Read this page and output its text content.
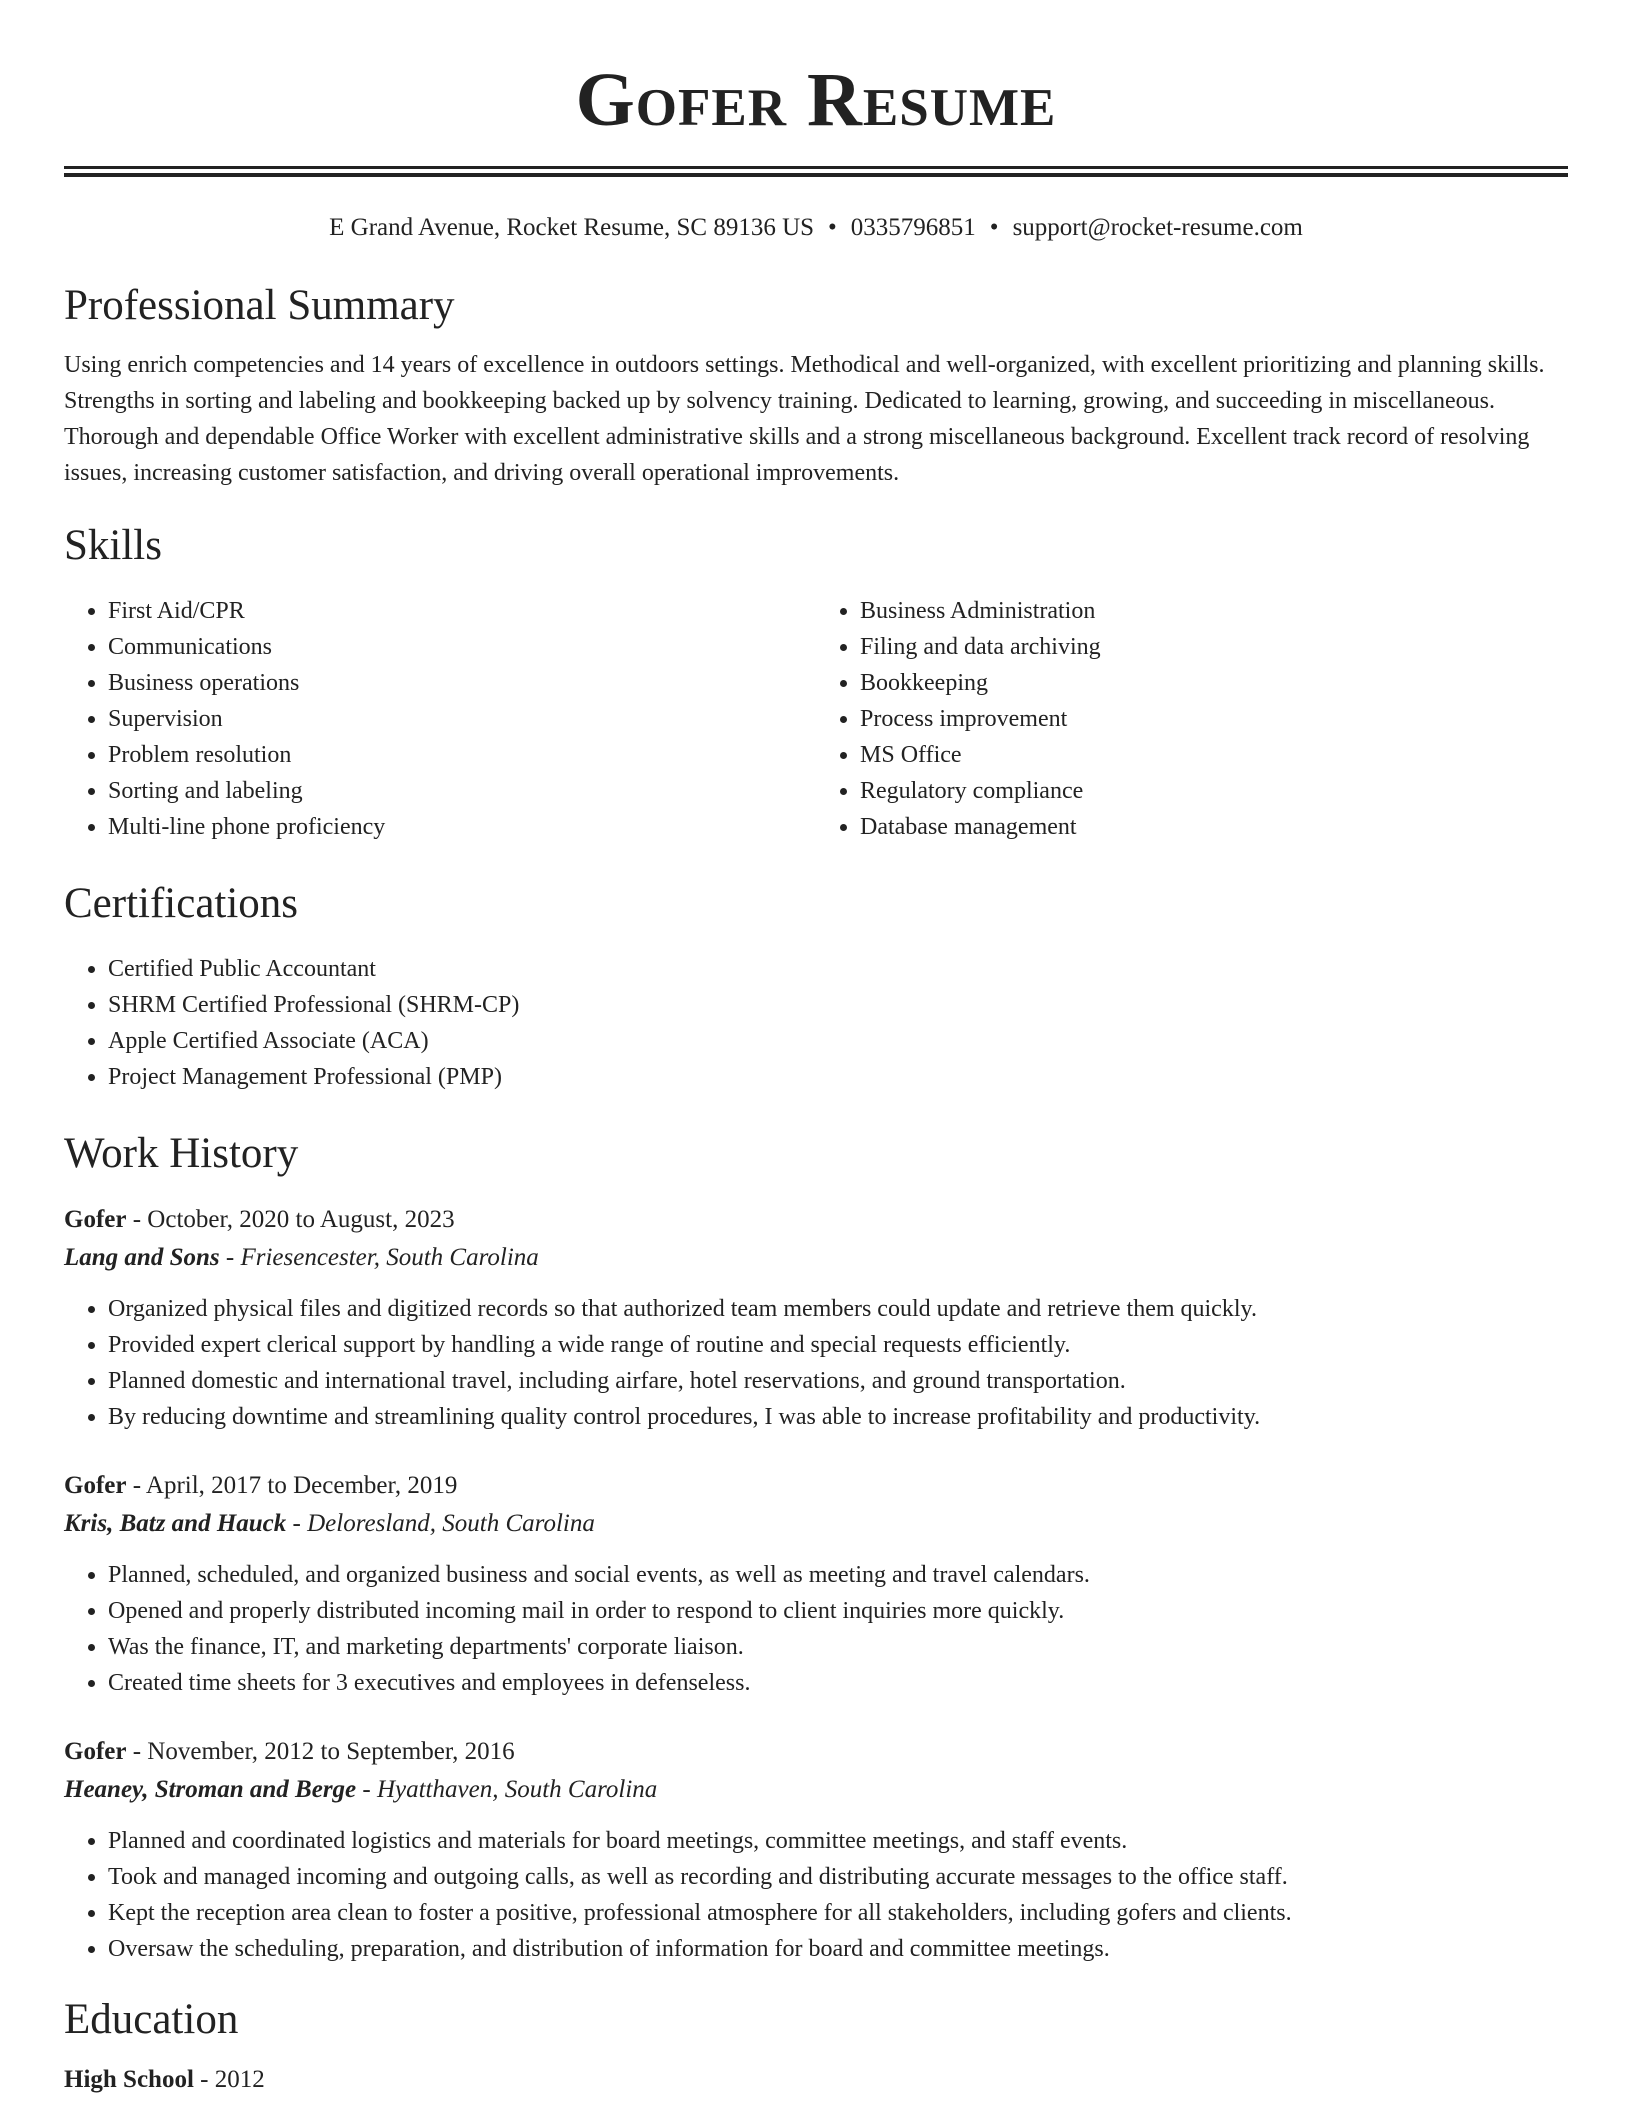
Gofer Resume
E Grand Avenue, Rocket Resume, SC 89136 US • 0335796851 • support@rocket-resume.com
Professional Summary

Using enrich competencies and 14 years of excellence in outdoors settings. Methodical and well-organized, with excellent prioritizing and planning skills. Strengths in sorting and labeling and bookkeeping backed up by solvency training. Dedicated to learning, growing, and succeeding in miscellaneous. Thorough and dependable Office Worker with excellent administrative skills and a strong miscellaneous background. Excellent track record of resolving issues, increasing customer satisfaction, and driving overall operational improvements.

Skills
• First Aid/CPR
• Communications
• Business operations
• Supervision
• Problem resolution
• Sorting and labeling
• Multi-line phone proficiency
• Business Administration
• Filing and data archiving
• Bookkeeping
• Process improvement
• MS Office
• Regulatory compliance
• Database management
Certifications
• Certified Public Accountant
• SHRM Certified Professional (SHRM-CP)
• Apple Certified Associate (ACA)
• Project Management Professional (PMP)
Work History
Gofer - October, 2020 to August, 2023
Lang and Sons - Friesencester, South Carolina
• Organized physical files and digitized records so that authorized team members could update and retrieve them quickly.
• Provided expert clerical support by handling a wide range of routine and special requests efficiently.
• Planned domestic and international travel, including airfare, hotel reservations, and ground transportation.
• By reducing downtime and streamlining quality control procedures, I was able to increase profitability and productivity.
Gofer - April, 2017 to December, 2019
Kris, Batz and Hauck - Deloresland, South Carolina
• Planned, scheduled, and organized business and social events, as well as meeting and travel calendars.
• Opened and properly distributed incoming mail in order to respond to client inquiries more quickly.
• Was the finance, IT, and marketing departments' corporate liaison.
• Created time sheets for 3 executives and employees in defenseless.
Gofer - November, 2012 to September, 2016
Heaney, Stroman and Berge - Hyatthaven, South Carolina
• Planned and coordinated logistics and materials for board meetings, committee meetings, and staff events.
• Took and managed incoming and outgoing calls, as well as recording and distributing accurate messages to the office staff.
• Kept the reception area clean to foster a positive, professional atmosphere for all stakeholders, including gofers and clients.
• Oversaw the scheduling, preparation, and distribution of information for board and committee meetings.
Education
High School - 2012
